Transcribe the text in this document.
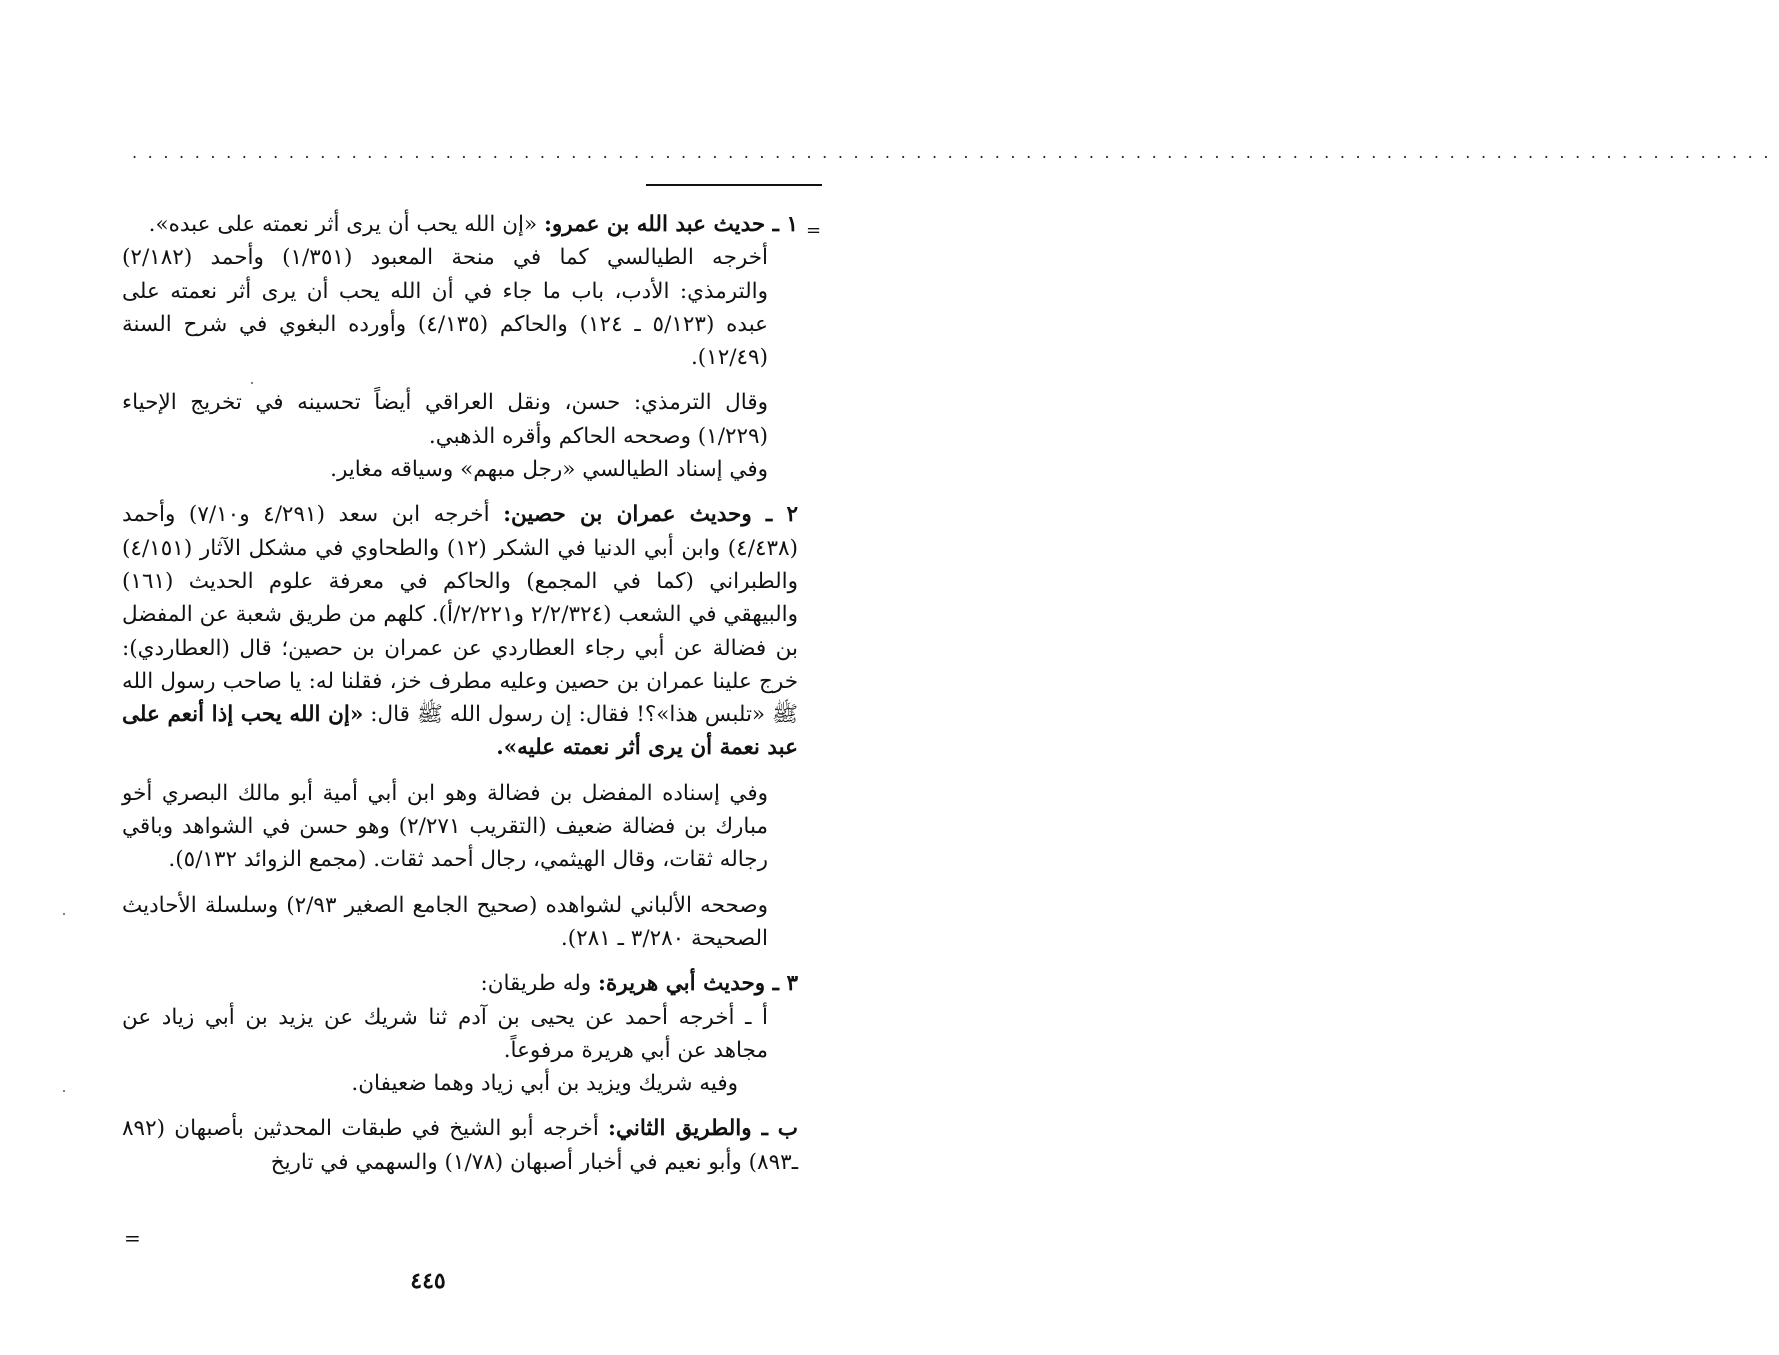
.........................................................................................................
=

١ ـ حديث عبد الله بن عمرو: «إن الله يحب أن يرى أثر نعمته على عبده».

أخرجه الطيالسي كما في منحة المعبود (١/٣٥١) وأحمد (٢/١٨٢) والترمذي: الأدب، باب ما جاء في أن الله يحب أن يرى أثر نعمته على عبده (٥/١٢٣ ـ ١٢٤) والحاكم (٤/١٣٥) وأورده البغوي في شرح السنة (١٢/٤٩).

وقال الترمذي: حسن، ونقل العراقي أيضاً تحسينه في تخريج الإحياء (١/٢٢٩) وصححه الحاكم وأقره الذهبي.

وفي إسناد الطيالسي «رجل مبهم» وسياقه مغاير.

٢ ـ وحديث عمران بن حصين: أخرجه ابن سعد (٤/٢٩١ و٧/١٠) وأحمد (٤/٤٣٨) وابن أبي الدنيا في الشكر (١٢) والطحاوي في مشكل الآثار (٤/١٥١) والطبراني (كما في المجمع) والحاكم في معرفة علوم الحديث (١٦١) والبيهقي في الشعب (٢/٢/٣٢٤ و٢/٢٢١/أ). كلهم من طريق شعبة عن المفضل بن فضالة عن أبي رجاء العطاردي عن عمران بن حصين؛ قال (العطاردي): خرج علينا عمران بن حصين وعليه مطرف خز، فقلنا له: يا صاحب رسول الله ﷺ «تلبس هذا»؟! فقال: إن رسول الله ﷺ قال: «إن الله يحب إذا أنعم على عبد نعمة أن يرى أثر نعمته عليه».

وفي إسناده المفضل بن فضالة وهو ابن أبي أمية أبو مالك البصري أخو مبارك بن فضالة ضعيف (التقريب ٢/٢٧١) وهو حسن في الشواهد وباقي رجاله ثقات، وقال الهيثمي، رجال أحمد ثقات. (مجمع الزوائد ٥/١٣٢).

وصححه الألباني لشواهده (صحيح الجامع الصغير ٢/٩٣) وسلسلة الأحاديث الصحيحة ٣/٢٨٠ ـ ٢٨١).

٣ ـ وحديث أبي هريرة: وله طريقان:

أ ـ أخرجه أحمد عن يحيى بن آدم ثنا شريك عن يزيد بن أبي زياد عن مجاهد عن أبي هريرة مرفوعاً.

وفيه شريك ويزيد بن أبي زياد وهما ضعيفان.

ب ـ والطريق الثاني: أخرجه أبو الشيخ في طبقات المحدثين بأصبهان (٨٩٢ ـ٨٩٣) وأبو نعيم في أخبار أصبهان (١/٧٨) والسهمي في تاريخ

=
٤٤٥
